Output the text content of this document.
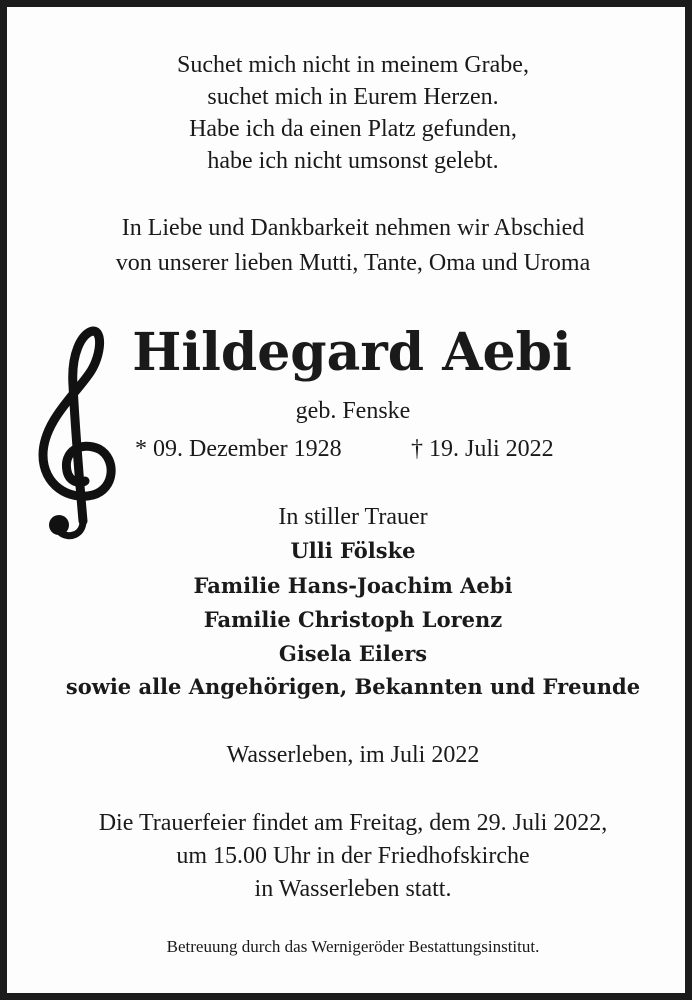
Suchet mich nicht in meinem Grabe,
suchet mich in Eurem Herzen.
Habe ich da einen Platz gefunden,
habe ich nicht umsonst gelebt.
In Liebe und Dankbarkeit nehmen wir Abschied
von unserer lieben Mutti, Tante, Oma und Uroma
Hildegard Aebi
geb. Fenske
* 09. Dezember 1928	† 19. Juli 2022
In stiller Trauer
Ulli Fölske
Familie Hans-Joachim Aebi
Familie Christoph Lorenz
Gisela Eilers
sowie alle Angehörigen, Bekannten und Freunde
Wasserleben, im Juli 2022
Die Trauerfeier findet am Freitag, dem 29. Juli 2022,
um 15.00 Uhr in der Friedhofskirche
in Wasserleben statt.
Betreuung durch das Wernigeröder Bestattungsinstitut.
